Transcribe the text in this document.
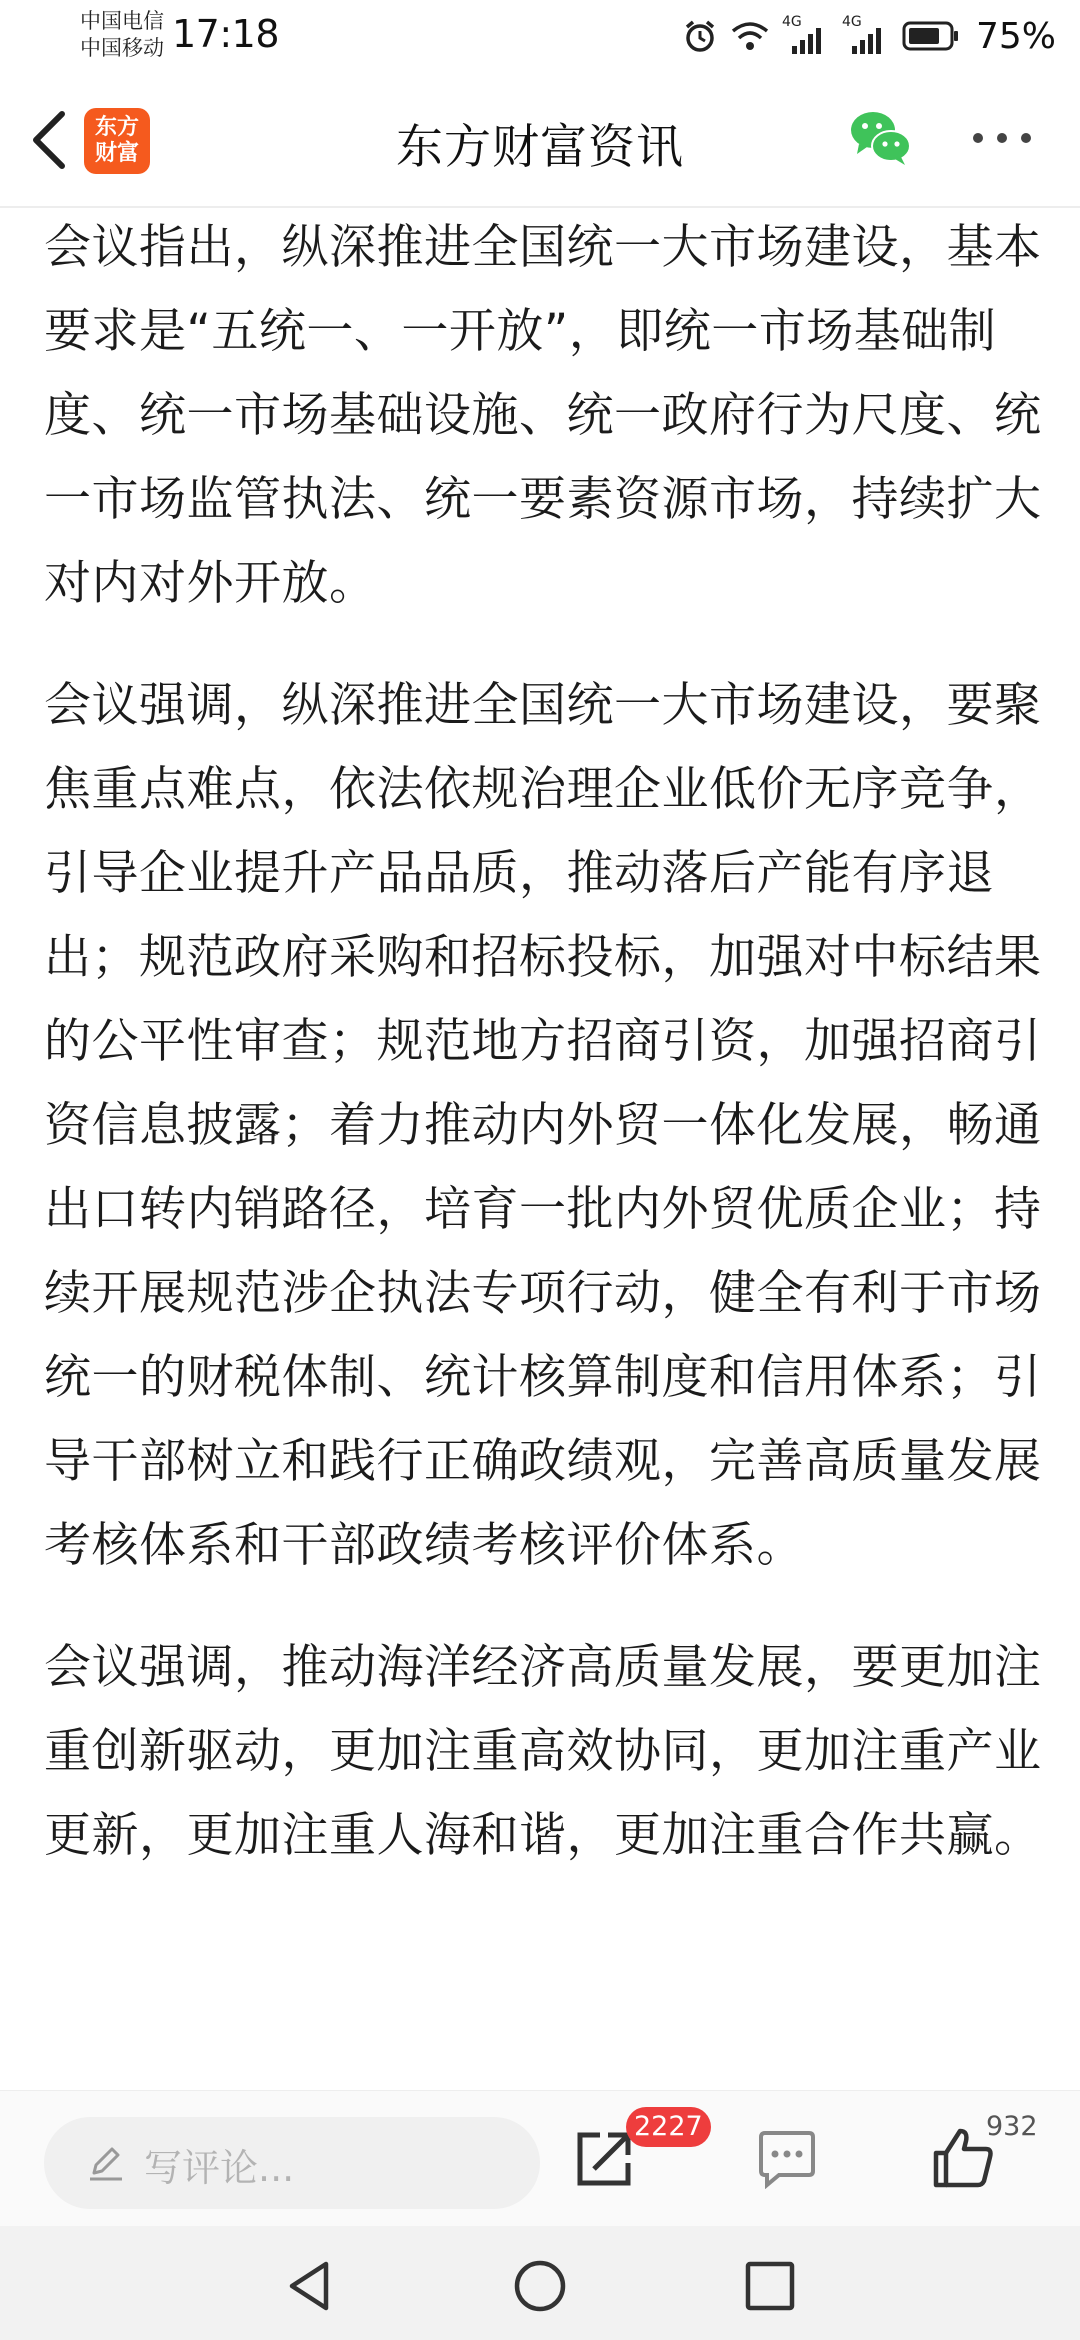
中国电信
中国移动 17:18	4G	4G	75%
东方
财富	东方财富资讯

会议指出，纵深推进全国统一大市场建设，基本要求是“五统一、一开放”，即统一市场基础制度、统一市场基础设施、统一政府行为尺度、统一市场监管执法、统一要素资源市场，持续扩大对内对外开放。

会议强调，纵深推进全国统一大市场建设，要聚焦重点难点，依法依规治理企业低价无序竞争，引导企业提升产品品质，推动落后产能有序退出；规范政府采购和招标投标，加强对中标结果的公平性审查；规范地方招商引资，加强招商引资信息披露；着力推动内外贸一体化发展，畅通出口转内销路径，培育一批内外贸优质企业；持续开展规范涉企执法专项行动，健全有利于市场统一的财税体制、统计核算制度和信用体系；引导干部树立和践行正确政绩观，完善高质量发展考核体系和干部政绩考核评价体系。

会议强调，推动海洋经济高质量发展，要更加注重创新驱动，更加注重高效协同，更加注重产业更新，更加注重人海和谐，更加注重合作共赢。

写评论...
2227	932
